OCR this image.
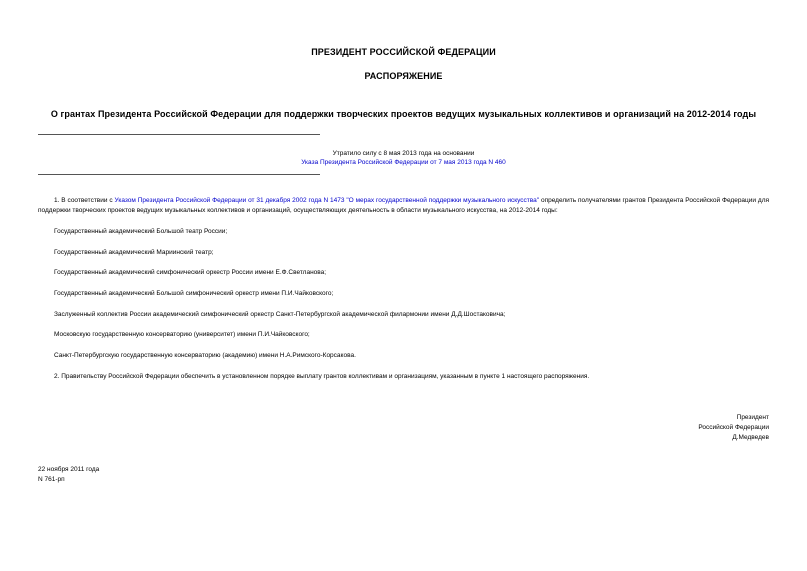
ПРЕЗИДЕНТ РОССИЙСКОЙ ФЕДЕРАЦИИ
РАСПОРЯЖЕНИЕ
О грантах Президента Российской Федерации для поддержки творческих проектов ведущих музыкальных коллективов и организаций на 2012-2014 годы
Утратило силу с 8 мая 2013 года на основании
Указа Президента Российской Федерации от 7 мая 2013 года N 460
1. В соответствии с Указом Президента Российской Федерации от 31 декабря 2002 года N 1473 "О мерах государственной поддержки музыкального искусства" определить получателями грантов Президента Российской Федерации для поддержки творческих проектов ведущих музыкальных коллективов и организаций, осуществляющих деятельность в области музыкального искусства, на 2012-2014 годы:
Государственный академический Большой театр России;
Государственный академический Мариинский театр;
Государственный академический симфонический оркестр России имени Е.Ф.Светланова;
Государственный академический Большой симфонический оркестр имени П.И.Чайковского;
Заслуженный коллектив России академический симфонический оркестр Санкт-Петербургской академической филармонии имени Д.Д.Шостаковича;
Московскую государственную консерваторию (университет) имени П.И.Чайковского;
Санкт-Петербургскую государственную консерваторию (академию) имени Н.А.Римского-Корсакова.
2. Правительству Российской Федерации обеспечить в установленном порядке выплату грантов коллективам и организациям, указанным в пункте 1 настоящего распоряжения.
Президент
Российской Федерации
Д.Медведев
22 ноября 2011 года
N 761-рп
